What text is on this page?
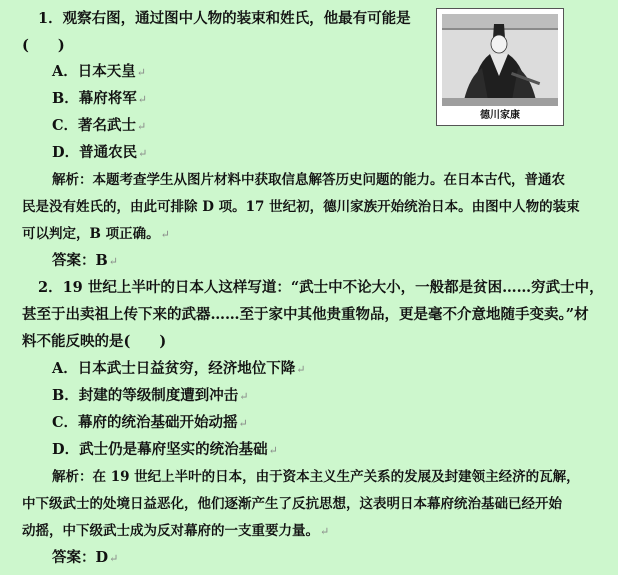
1．观察右图，通过图中人物的装束和姓氏，他最有可能是
(　　)
德川家康
A．日本天皇↵
B．幕府将军↵
C．著名武士↵
D．普通农民↵
解析：本题考查学生从图片材料中获取信息解答历史问题的能力。在日本古代，普通农
民是没有姓氏的，由此可排除 D 项。17 世纪初，德川家族开始统治日本。由图中人物的装束
可以判定，B 项正确。↵
答案：B↵
2．19 世纪上半叶的日本人这样写道：“武士中不论大小，一般都是贫困……穷武士中，
甚至于出卖祖上传下来的武器……至于家中其他贵重物品，更是毫不介意地随手变卖。”材
料不能反映的是(　　)
A．日本武士日益贫穷，经济地位下降↵
B．封建的等级制度遭到冲击↵
C．幕府的统治基础开始动摇↵
D．武士仍是幕府坚实的统治基础↵
解析：在 19 世纪上半叶的日本，由于资本主义生产关系的发展及封建领主经济的瓦解，
中下级武士的处境日益恶化，他们逐渐产生了反抗思想，这表明日本幕府统治基础已经开始
动摇，中下级武士成为反对幕府的一支重要力量。↵
答案：D↵
